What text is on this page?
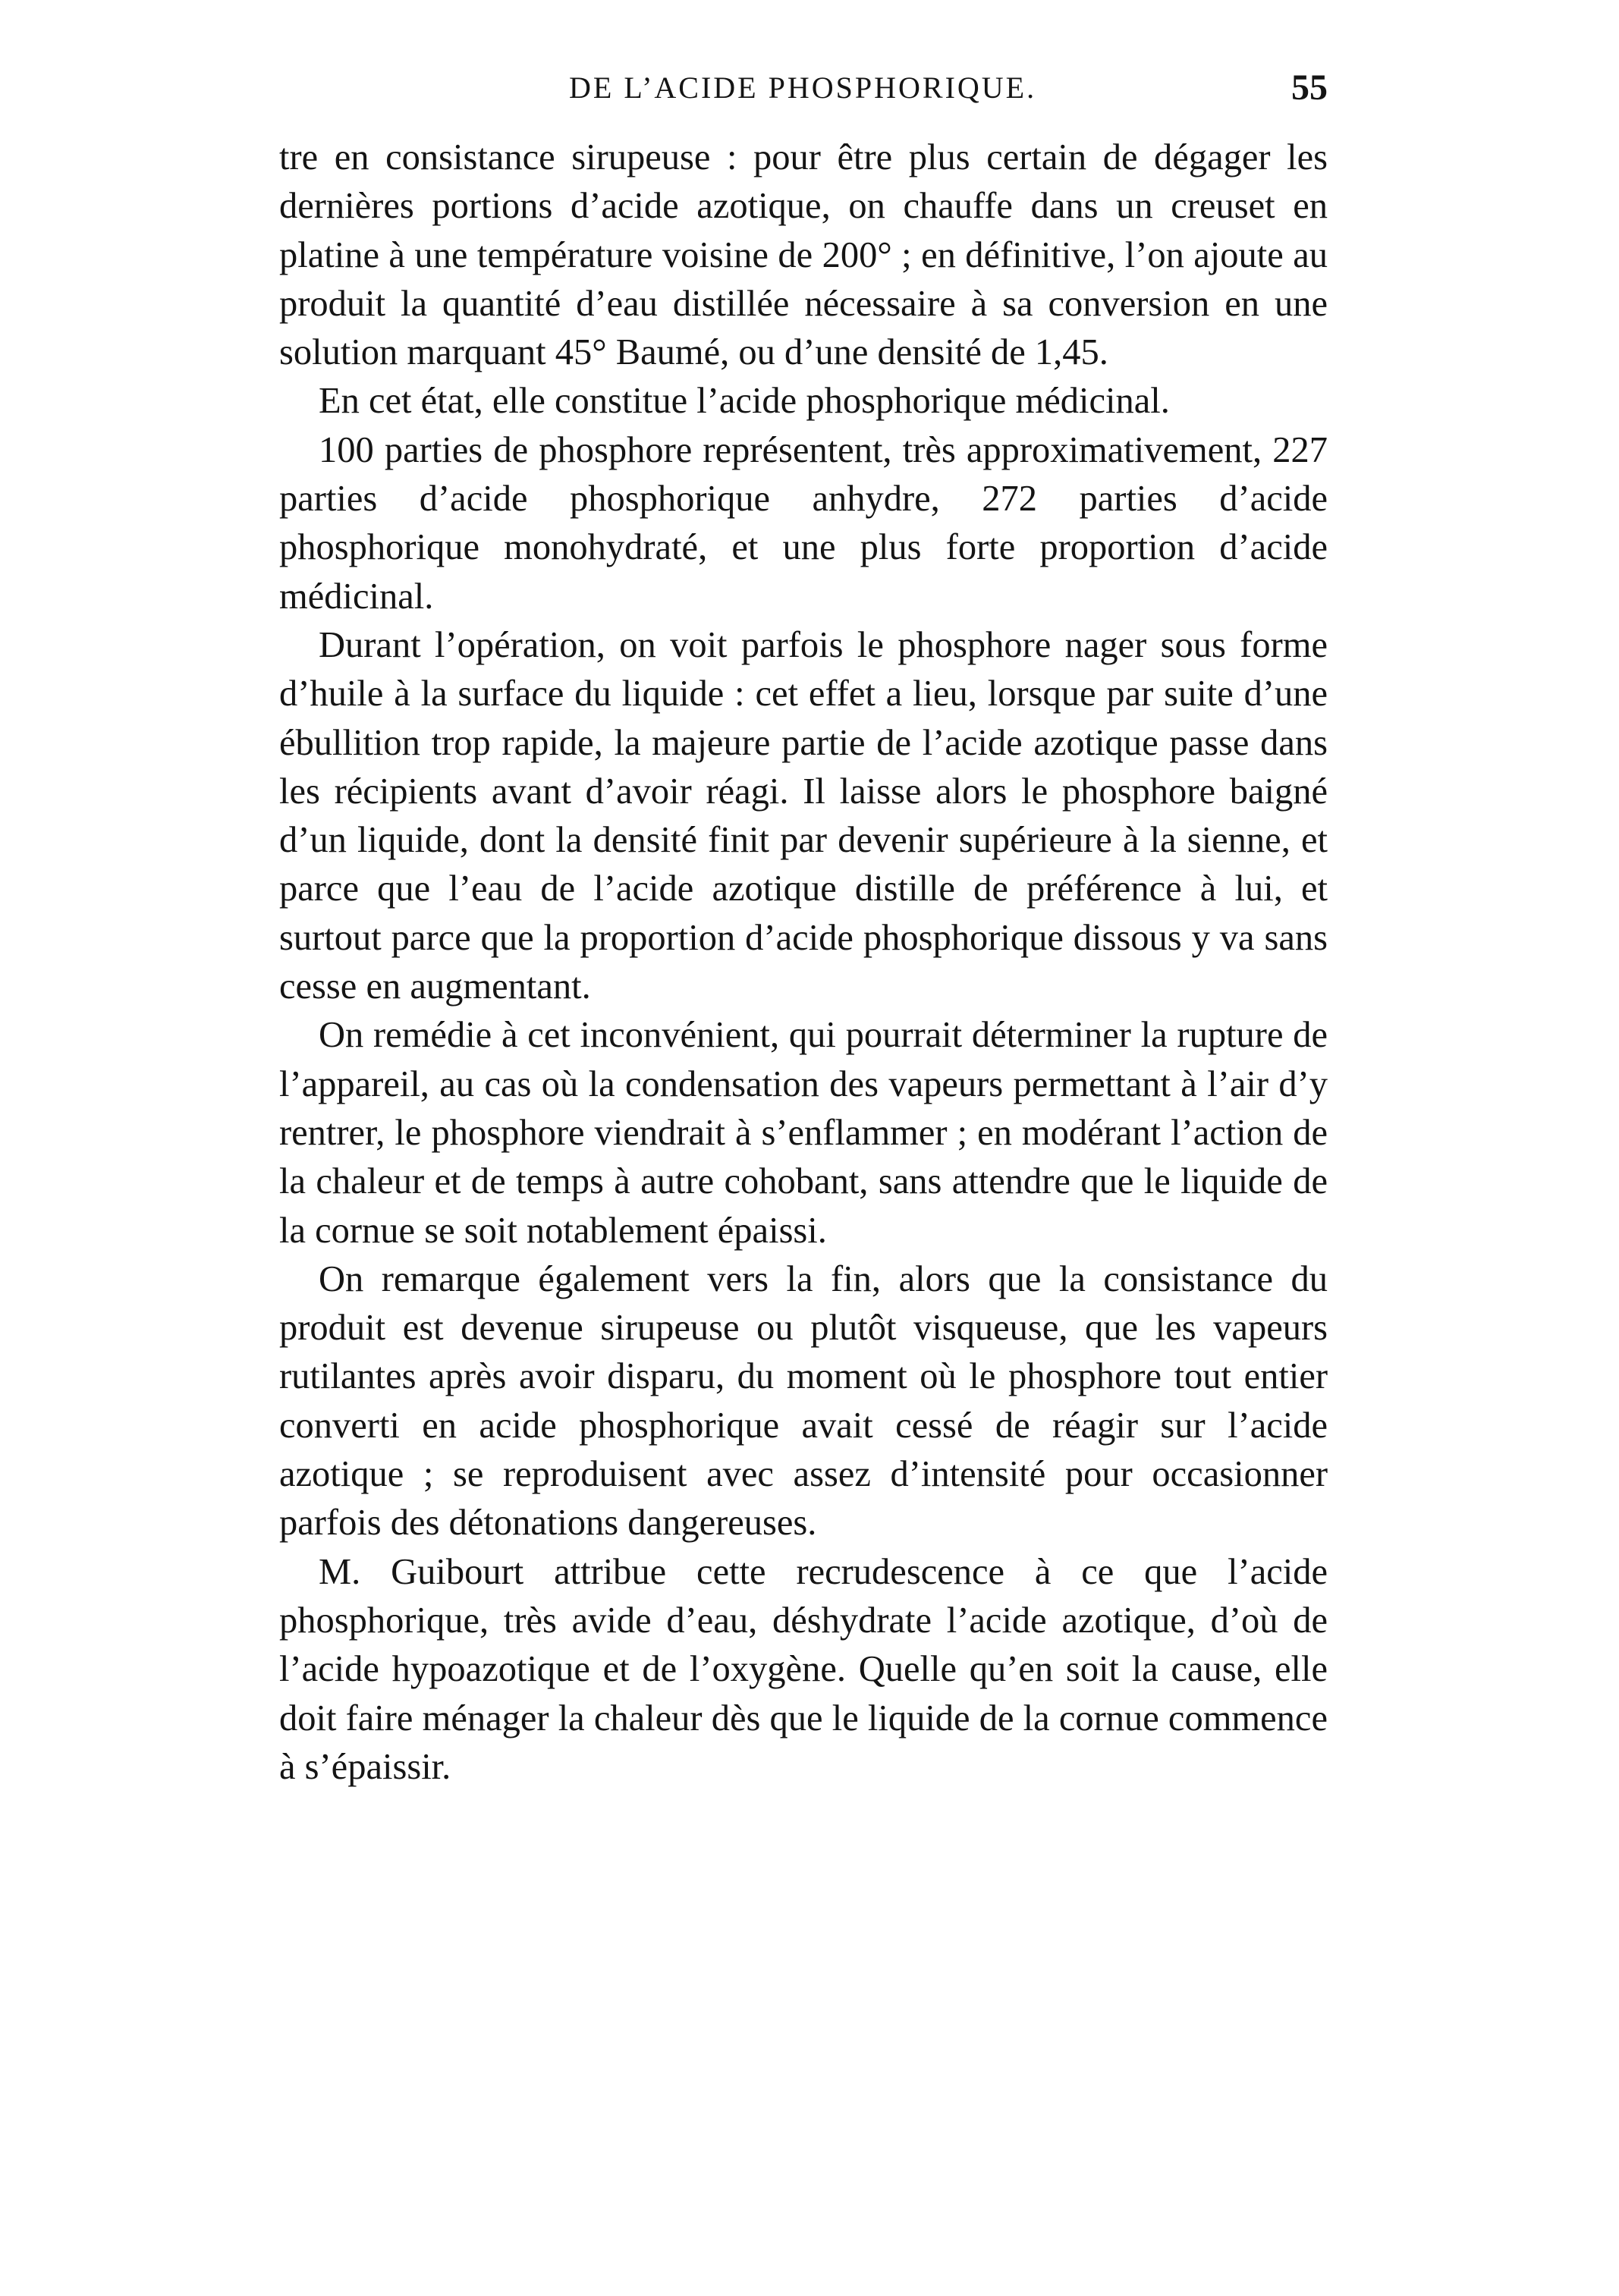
DE L’ACIDE PHOSPHORIQUE.	55

tre en consistance sirupeuse : pour être plus certain de dégager les dernières portions d’acide azotique, on chauffe dans un creuset en platine à une température voisine de 200° ; en définitive, l’on ajoute au produit la quantité d’eau distillée nécessaire à sa conversion en une solution marquant 45° Baumé, ou d’une densité de 1,45.

En cet état, elle constitue l’acide phosphorique médicinal.

100 parties de phosphore représentent, très approximativement, 227 parties d’acide phosphorique anhydre, 272 parties d’acide phosphorique monohydraté, et une plus forte proportion d’acide médicinal.

Durant l’opération, on voit parfois le phosphore nager sous forme d’huile à la surface du liquide : cet effet a lieu, lorsque par suite d’une ébullition trop rapide, la majeure partie de l’acide azotique passe dans les récipients avant d’avoir réagi. Il laisse alors le phosphore baigné d’un liquide, dont la densité finit par devenir supérieure à la sienne, et parce que l’eau de l’acide azotique distille de préférence à lui, et surtout parce que la proportion d’acide phosphorique dissous y va sans cesse en augmentant.

On remédie à cet inconvénient, qui pourrait déterminer la rupture de l’appareil, au cas où la condensation des vapeurs permettant à l’air d’y rentrer, le phosphore viendrait à s’enflammer ; en modérant l’action de la chaleur et de temps à autre cohobant, sans attendre que le liquide de la cornue se soit notablement épaissi.

On remarque également vers la fin, alors que la consistance du produit est devenue sirupeuse ou plutôt visqueuse, que les vapeurs rutilantes après avoir disparu, du moment où le phosphore tout entier converti en acide phosphorique avait cessé de réagir sur l’acide azotique ; se reproduisent avec assez d’intensité pour occasionner parfois des détonations dangereuses.

M. Guibourt attribue cette recrudescence à ce que l’acide phosphorique, très avide d’eau, déshydrate l’acide azotique, d’où de l’acide hypoazotique et de l’oxygène. Quelle qu’en soit la cause, elle doit faire ménager la chaleur dès que le liquide de la cornue commence à s’épaissir.
